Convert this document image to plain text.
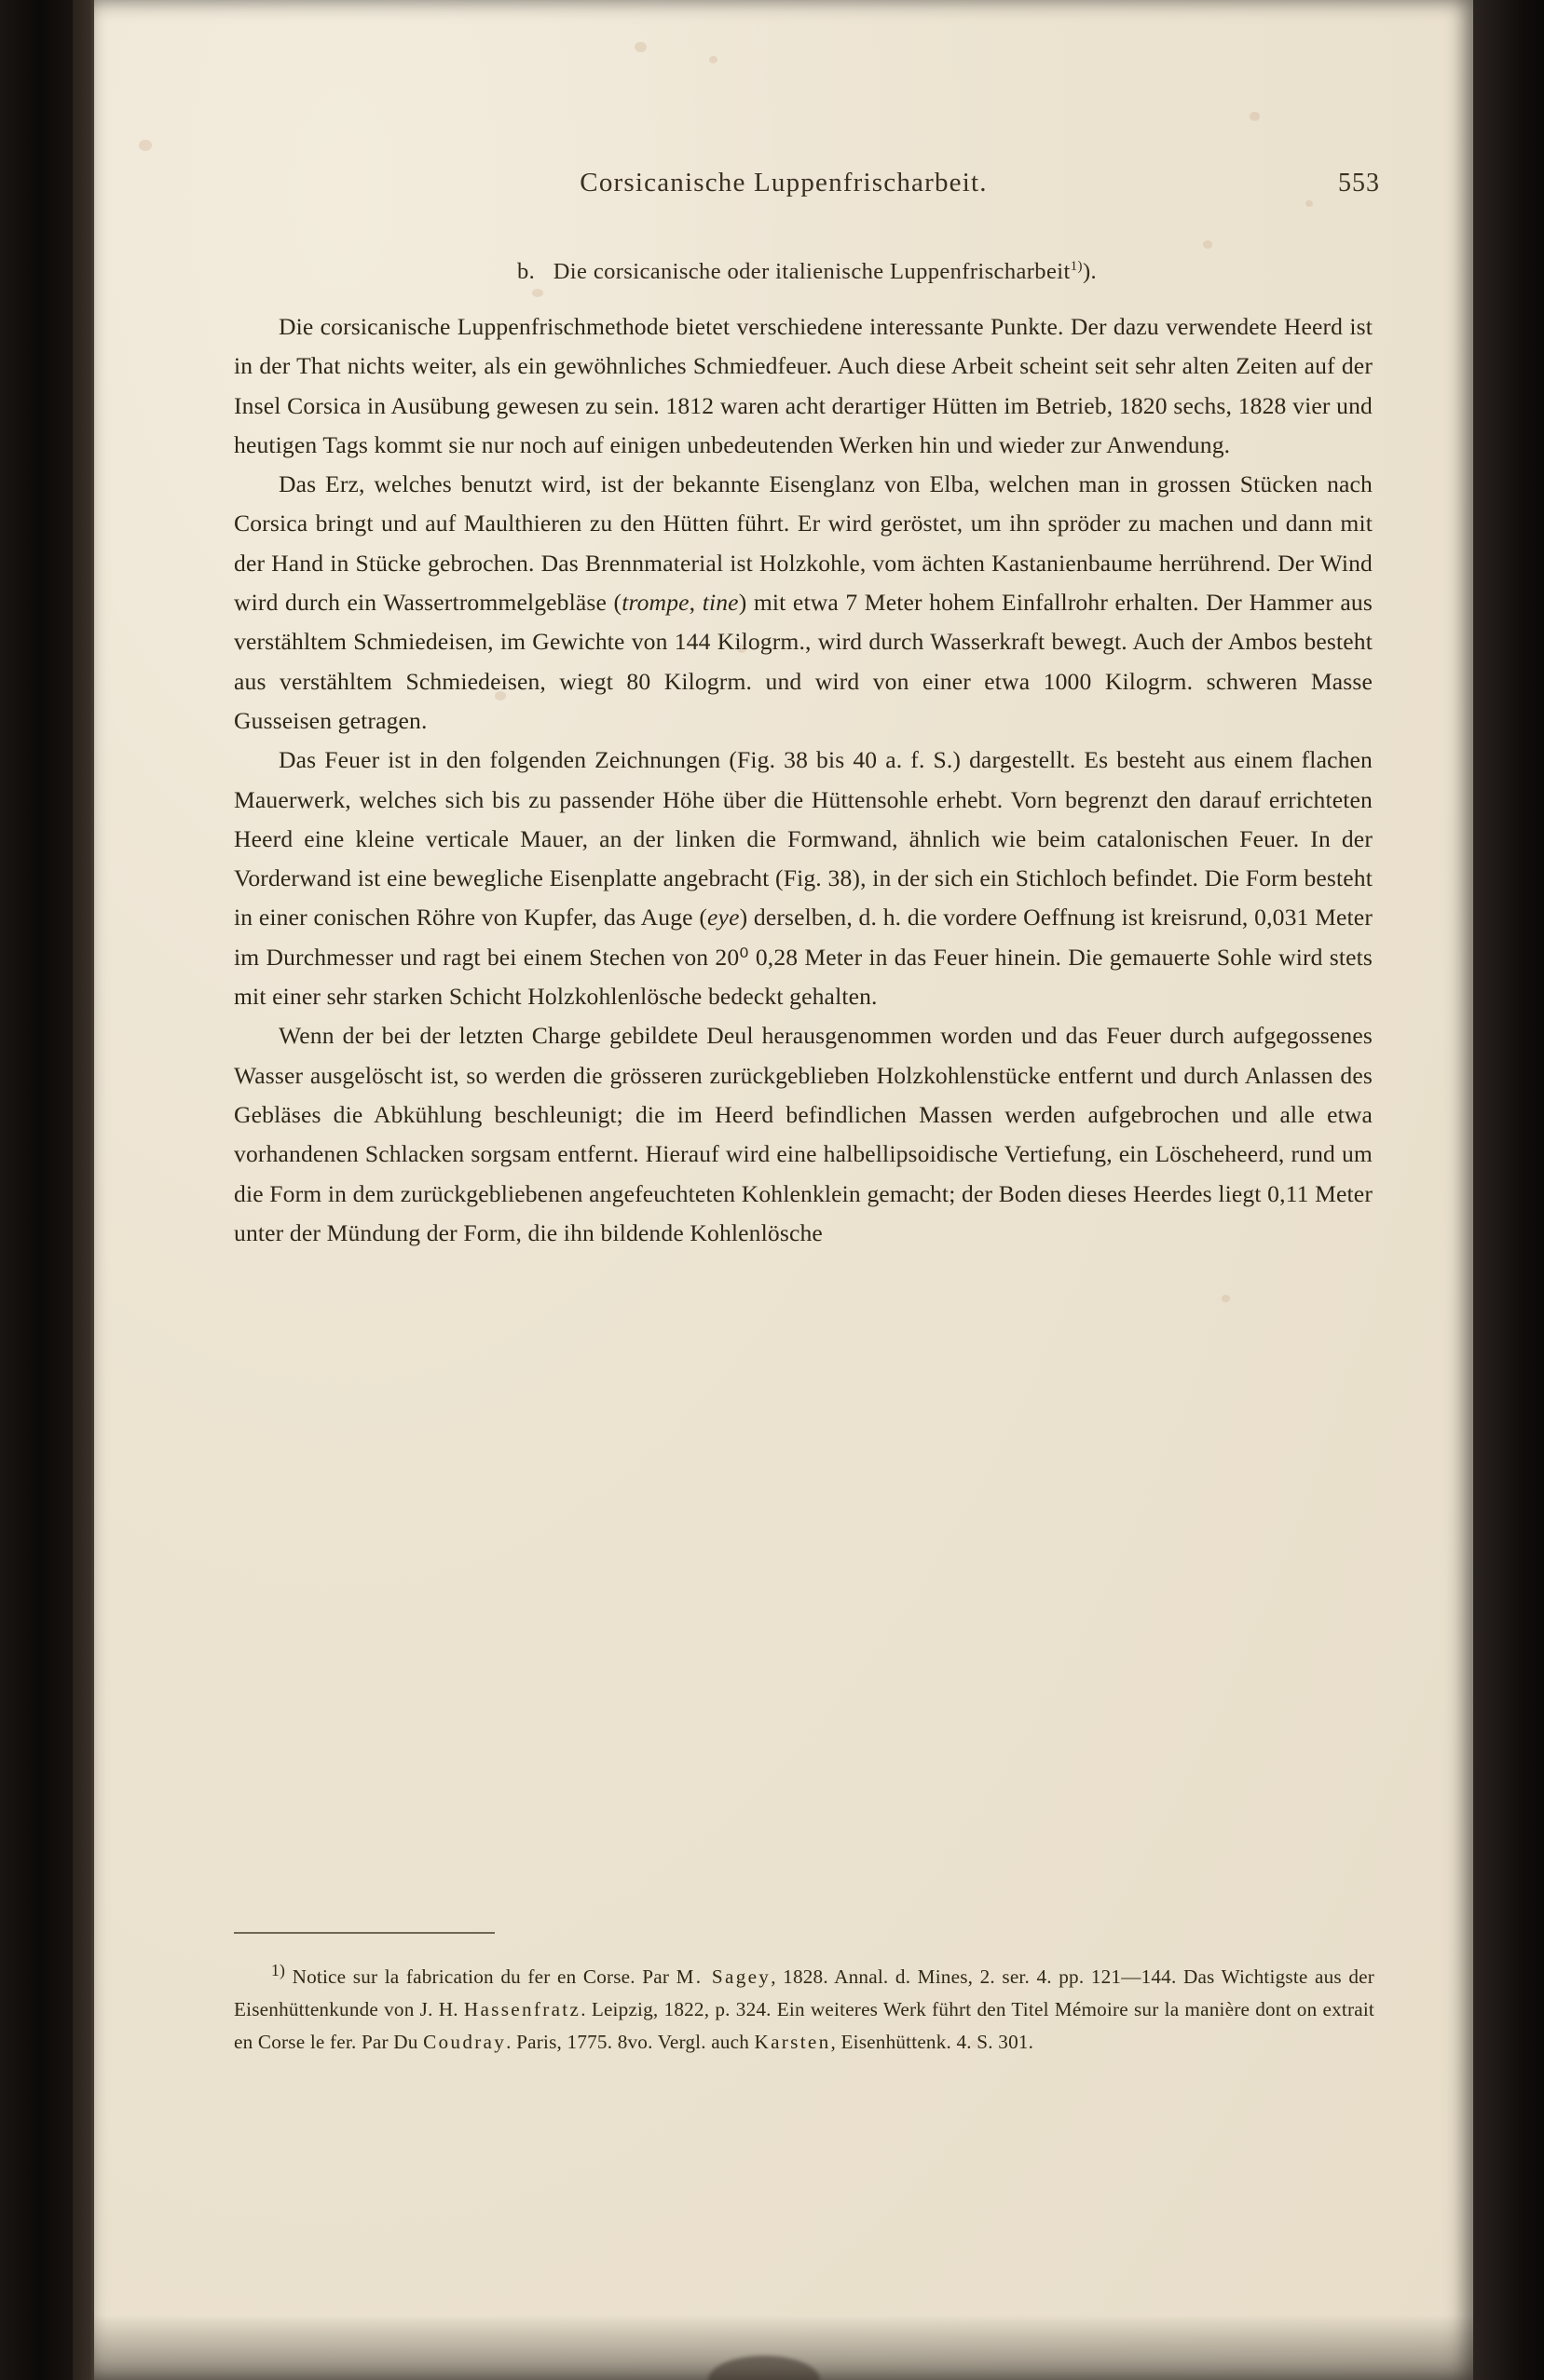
Corsicanische Luppenfrischarbeit.	553
b. Die corsicanische oder italienische Luppenfrischarbeit$^{1)}$).

Die corsicanische Luppenfrischmethode bietet verschiedene interessante Punkte. Der dazu verwendete Heerd ist in der That nichts weiter, als ein gewöhnliches Schmiedfeuer. Auch diese Arbeit scheint seit sehr alten Zeiten auf der Insel Corsica in Ausübung gewesen zu sein. 1812 waren acht derartiger Hütten im Betrieb, 1820 sechs, 1828 vier und heutigen Tags kommt sie nur noch auf einigen unbedeutenden Werken hin und wieder zur Anwendung.

Das Erz, welches benutzt wird, ist der bekannte Eisenglanz von Elba, welchen man in grossen Stücken nach Corsica bringt und auf Maulthieren zu den Hütten führt. Er wird geröstet, um ihn spröder zu machen und dann mit der Hand in Stücke gebrochen. Das Brennmaterial ist Holzkohle, vom ächten Kastanienbaume herrührend. Der Wind wird durch ein Wassertrommelgebläse (trompe, tine) mit etwa 7 Meter hohem Einfallrohr erhalten. Der Hammer aus verstähltem Schmiedeisen, im Gewichte von 144 Kilogrm., wird durch Wasserkraft bewegt. Auch der Ambos besteht aus verstähltem Schmiedeisen, wiegt 80 Kilogrm. und wird von einer etwa 1000 Kilogrm. schweren Masse Gusseisen getragen.

Das Feuer ist in den folgenden Zeichnungen (Fig. 38 bis 40 a. f. S.) dargestellt. Es besteht aus einem flachen Mauerwerk, welches sich bis zu passender Höhe über die Hüttensohle erhebt. Vorn begrenzt den darauf errichteten Heerd eine kleine verticale Mauer, an der linken die Formwand, ähnlich wie beim catalonischen Feuer. In der Vorderwand ist eine bewegliche Eisenplatte angebracht (Fig. 38), in der sich ein Stichloch befindet. Die Form besteht in einer conischen Röhre von Kupfer, das Auge (eye) derselben, d. h. die vordere Oeffnung ist kreisrund, 0,031 Meter im Durchmesser und ragt bei einem Stechen von 20⁰ 0,28 Meter in das Feuer hinein. Die gemauerte Sohle wird stets mit einer sehr starken Schicht Holzkohlenlösche bedeckt gehalten.

Wenn der bei der letzten Charge gebildete Deul herausgenommen worden und das Feuer durch aufgegossenes Wasser ausgelöscht ist, so werden die grösseren zurückgeblieben Holzkohlenstücke entfernt und durch Anlassen des Gebläses die Abkühlung beschleunigt; die im Heerd befindlichen Massen werden aufgebrochen und alle etwa vorhandenen Schlacken sorgsam entfernt. Hierauf wird eine halbellipsoidische Vertiefung, ein Löscheheerd, rund um die Form in dem zurückgebliebenen angefeuchteten Kohlenklein gemacht; der Boden dieses Heerdes liegt 0,11 Meter unter der Mündung der Form, die ihn bildende Kohlenlösche

$^{1)}$ Notice sur la fabrication du fer en Corse. Par M. Sagey, 1828. Annal. d. Mines, 2. ser. 4. pp. 121—144. Das Wichtigste aus der Eisenhüttenkunde von J. H. Hassenfratz. Leipzig, 1822, p. 324. Ein weiteres Werk führt den Titel Mémoire sur la manière dont on extrait en Corse le fer. Par Du Coudray. Paris, 1775. 8vo. Vergl. auch Karsten, Eisenhüttenk. 4. S. 301.
